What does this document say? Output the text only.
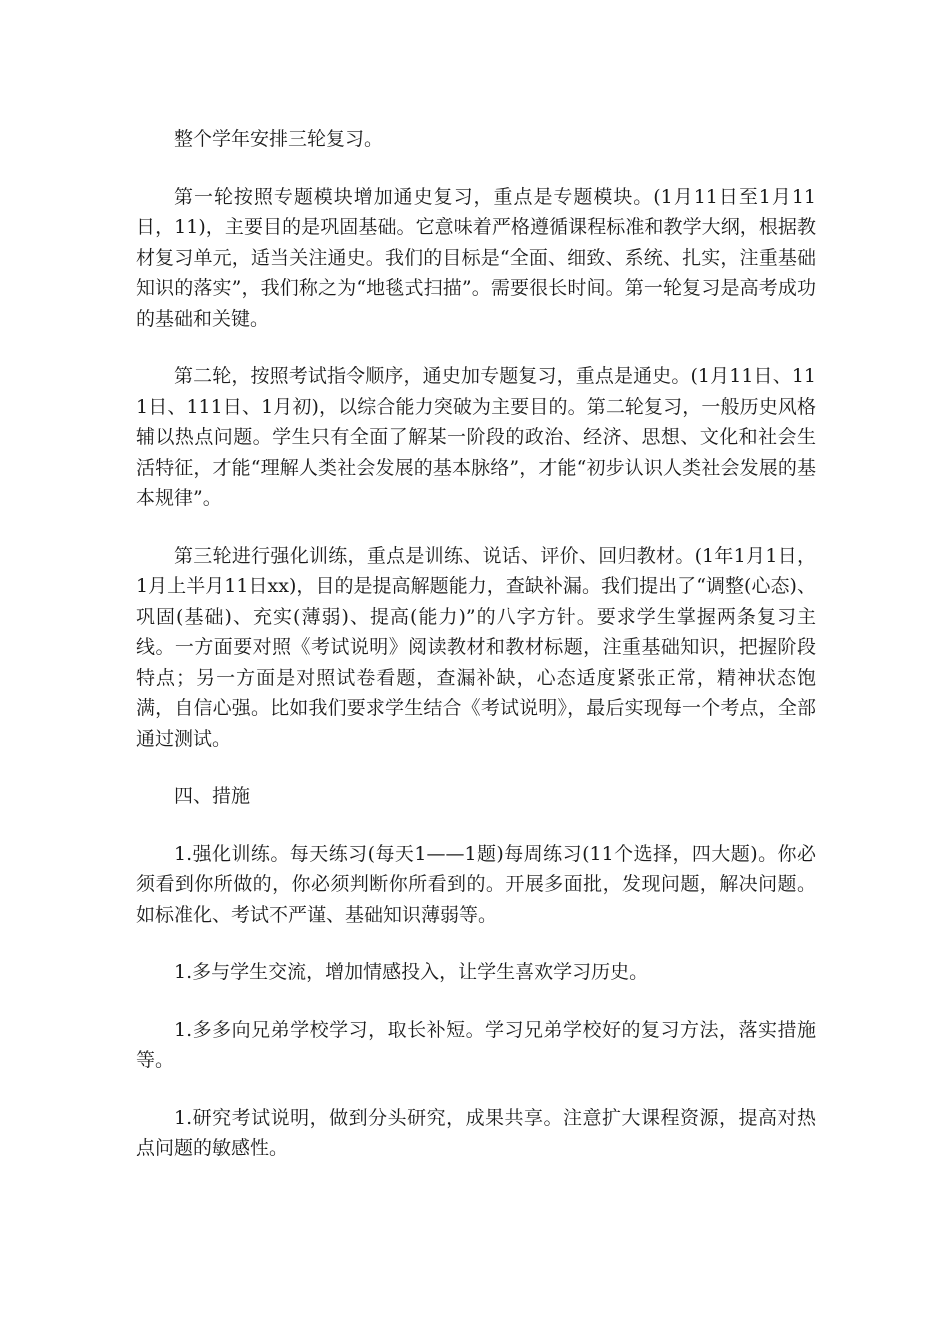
整个学年安排三轮复习。

第一轮按照专题模块增加通史复习，重点是专题模块。(1月11日至1月11日，11)，主要目的是巩固基础。它意味着严格遵循课程标准和教学大纲，根据教材复习单元，适当关注通史。我们的目标是“全面、细致、系统、扎实，注重基础知识的落实”，我们称之为“地毯式扫描”。需要很长时间。第一轮复习是高考成功的基础和关键。

第二轮，按照考试指令顺序，通史加专题复习，重点是通史。(1月11日、111日、111日、1月初)，以综合能力突破为主要目的。第二轮复习，一般历史风格辅以热点问题。学生只有全面了解某一阶段的政治、经济、思想、文化和社会生活特征，才能“理解人类社会发展的基本脉络”，才能“初步认识人类社会发展的基本规律”。

第三轮进行强化训练，重点是训练、说话、评价、回归教材。(1年1月1日，1月上半月11日xx)，目的是提高解题能力，查缺补漏。我们提出了“调整(心态)、巩固(基础)、充实(薄弱)、提高(能力)”的八字方针。要求学生掌握两条复习主线。一方面要对照《考试说明》阅读教材和教材标题，注重基础知识，把握阶段特点；另一方面是对照试卷看题，查漏补缺，心态适度紧张正常，精神状态饱满，自信心强。比如我们要求学生结合《考试说明》，最后实现每一个考点，全部通过测试。

四、措施

1.强化训练。每天练习(每天1——1题)每周练习(11个选择，四大题)。你必须看到你所做的，你必须判断你所看到的。开展多面批，发现问题，解决问题。如标准化、考试不严谨、基础知识薄弱等。

1.多与学生交流，增加情感投入，让学生喜欢学习历史。

1.多多向兄弟学校学习，取长补短。学习兄弟学校好的复习方法，落实措施等。

1.研究考试说明，做到分头研究，成果共享。注意扩大课程资源，提高对热点问题的敏感性。
